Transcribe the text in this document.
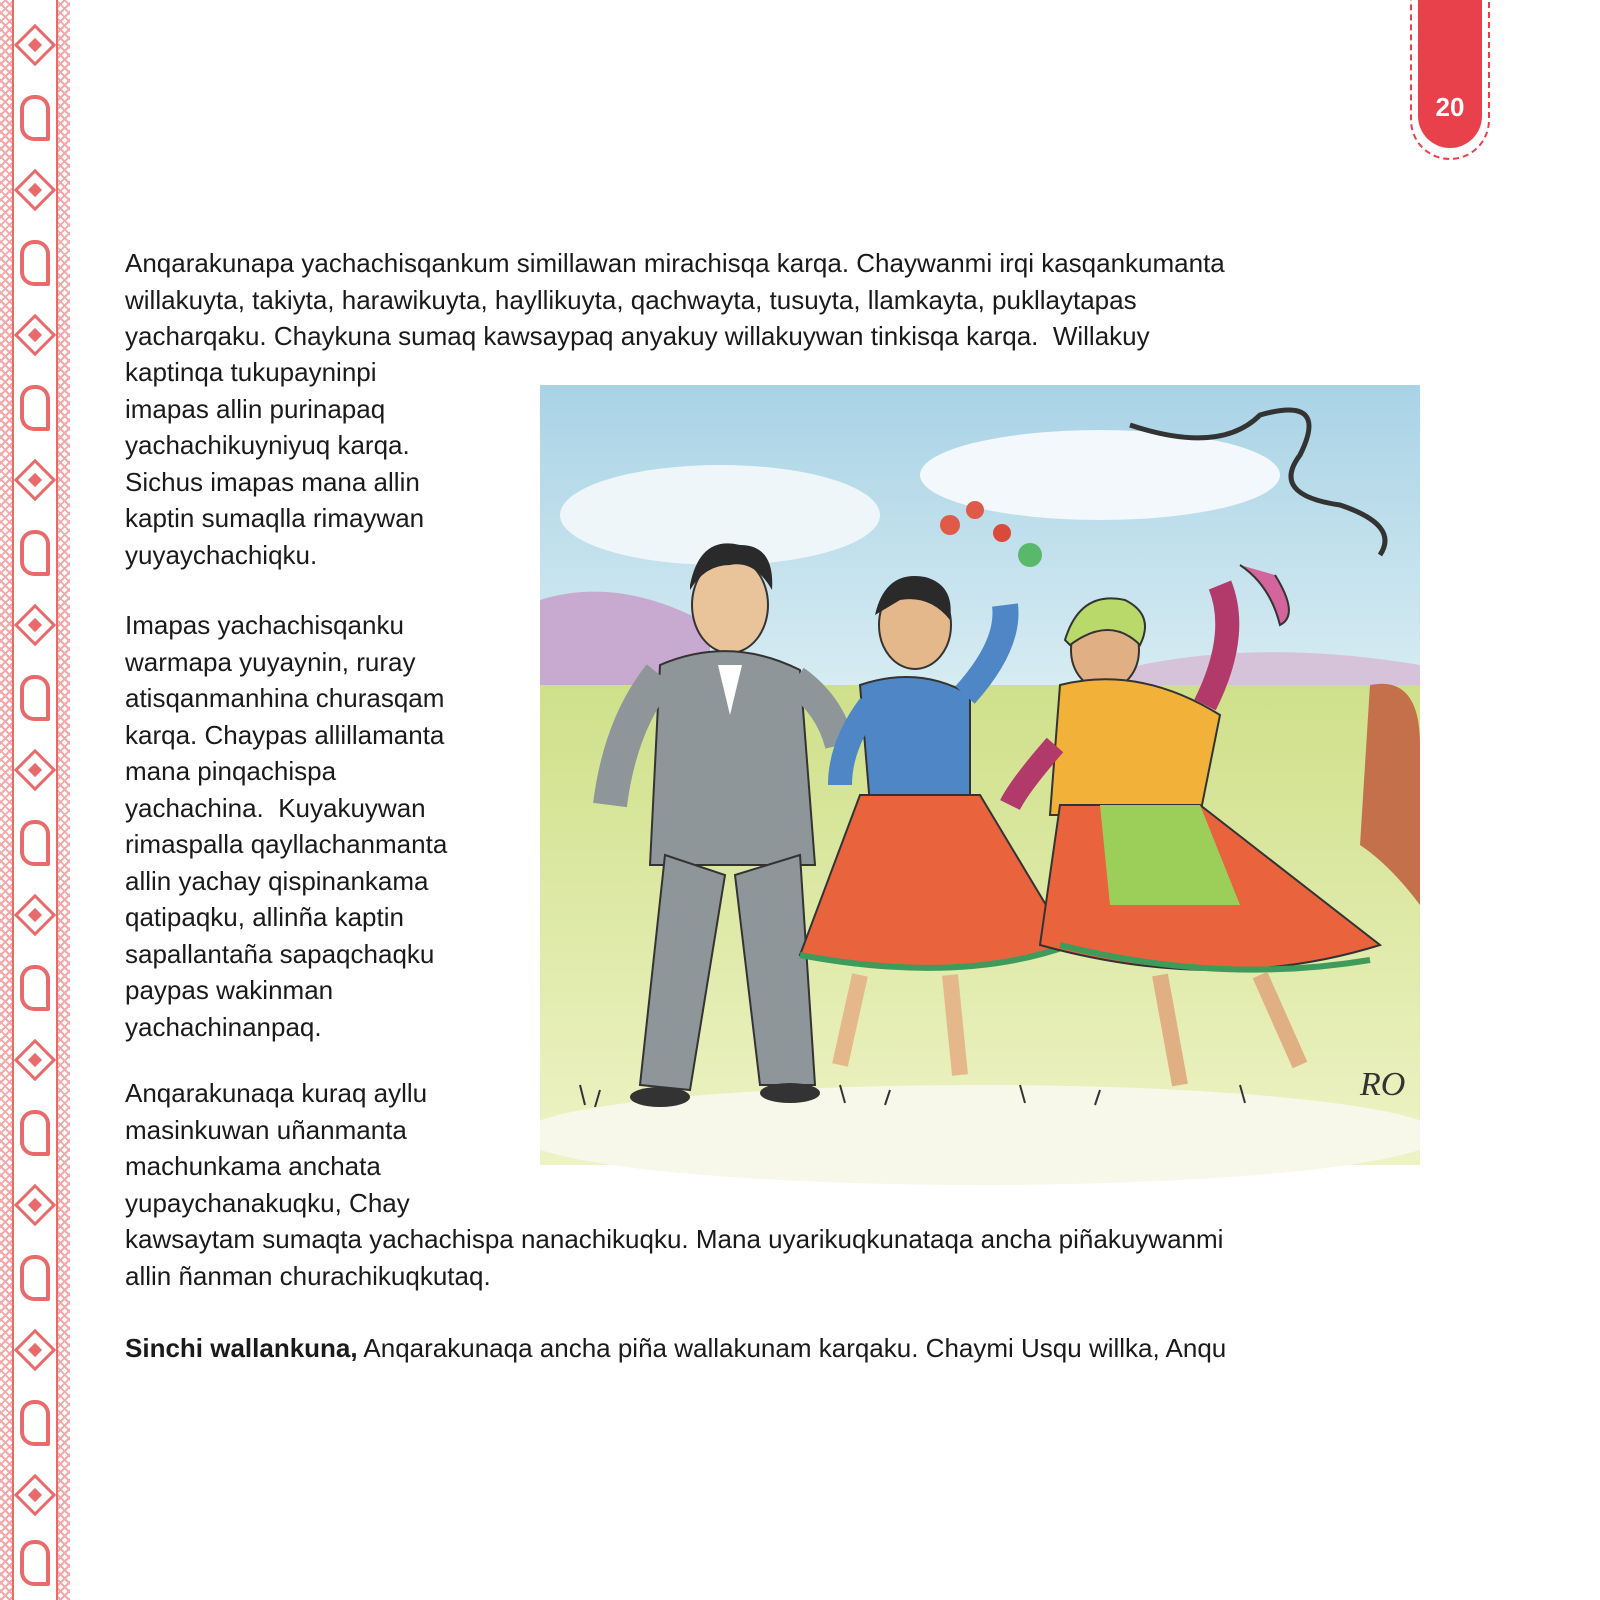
20

Anqarakunapa yachachisqankum simillawan mirachisqa karqa. Chaywanmi irqi kasqankumanta
willakuyta, takiyta, harawikuyta, hayllikuyta, qachwayta, tusuyta, llamkayta, pukllaytapas
yacharqaku. Chaykuna sumaq kawsaypaq anyakuy willakuywan tinkisqa karqa.  Willakuy

kaptinqa tukupayninpi
imapas allin purinapaq
yachachikuyniyuq karqa.
Sichus imapas mana allin
kaptin sumaqlla rimaywan
yuyaychachiqku.

Imapas yachachisqanku
warmapa yuyaynin, ruray
atisqanmanhina churasqam
karqa. Chaypas allillamanta
mana pinqachispa
yachachina.  Kuyakuywan
rimaspalla qayllachanmanta
allin yachay qispinankama
qatipaqku, allinña kaptin
sapallantaña sapaqchaqku
paypas wakinman
yachachinanpaq.

Anqarakunaqa kuraq ayllu
masinkuwan uñanmanta
machunkama anchata
yupaychanakuqku, Chay

kawsaytam sumaqta yachachispa nanachikuqku. Mana uyarikuqkunataqa ancha piñakuywanmi
allin ñanman churachikuqkutaq.

Sinchi wallankuna, Anqarakunaqa ancha piña wallakunam karqaku. Chaymi Usqu willka, Anqu

RO
